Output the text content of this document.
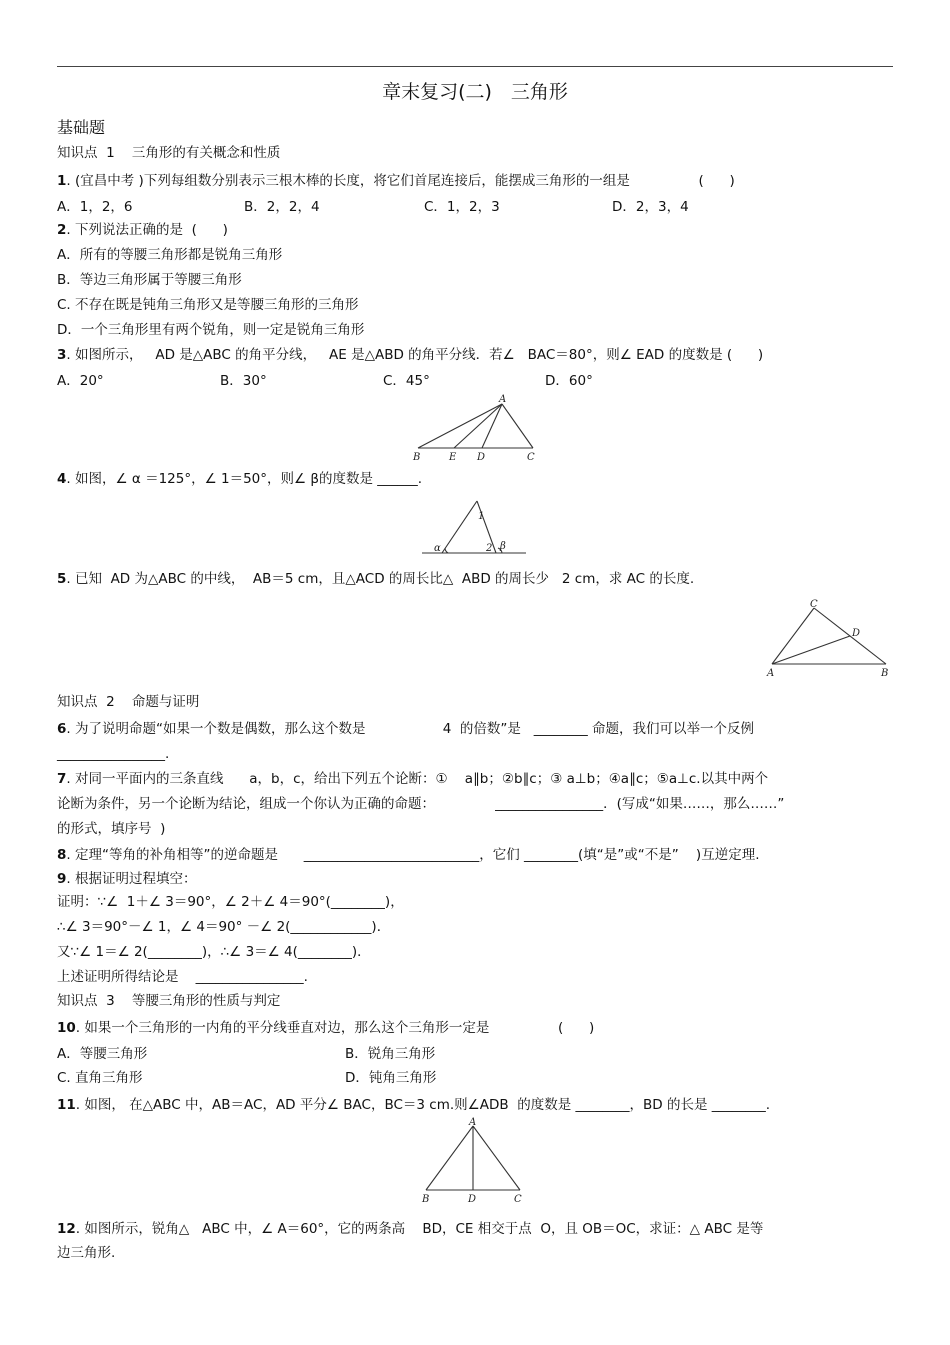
章末复习(二)　三角形
基础题
知识点  1    三角形的有关概念和性质
1. (宜昌中考 )下列每组数分别表示三根木棒的长度，将它们首尾连接后，能摆成三角形的一组是                (      )
A．1，2，6	B．2，2，4	C．1，2，3	D．2，3，4
2. 下列说法正确的是  (      )
A．所有的等腰三角形都是锐角三角形
B．等边三角形属于等腰三角形
C. 不存在既是钝角三角形又是等腰三角形的三角形
D．一个三角形里有两个锐角，则一定是锐角三角形
3. 如图所示，   AD 是△ABC 的角平分线，   AE 是△ABD 的角平分线．若∠   BAC＝80°，则∠ EAD 的度数是 (      )
A．20°	B．30°	C．45°	D．60°
A
B	E D	C
4. 如图，∠ α ＝125°，∠ 1＝50°，则∠ β的度数是 ______.
1
2
α	β
5. 已知  AD 为△ABC 的中线，  AB＝5 cm，且△ACD 的周长比△  ABD 的周长少   2 cm，求 AC 的长度.
C
D
A	B
知识点  2    命题与证明
6. 为了说明命题“如果一个数是偶数，那么这个数是                  4  的倍数”是   ________ 命题，我们可以举一个反例
________________.
7. 对同一平面内的三条直线      a，b，c，给出下列五个论断：①    a∥b；②b∥c；③ a⊥b；④a∥c；⑤a⊥c.以其中两个
论断为条件，另一个论断为结论，组成一个你认为正确的命题：              ________________．(写成“如果……，那么……”
的形式，填序号  )
8. 定理“等角的补角相等”的逆命题是      __________________________，它们 ________(填“是”或“不是”    )互逆定理.
9. 根据证明过程填空：
证明：∵∠  1＋∠ 3＝90°，∠ 2＋∠ 4＝90°(________)，
∴∠ 3＝90°－∠ 1，∠ 4＝90° －∠ 2(____________)．
又∵∠ 1＝∠ 2(________)，∴∠ 3＝∠ 4(________)．
上述证明所得结论是    ________________.
知识点  3    等腰三角形的性质与判定
10. 如果一个三角形的一内角的平分线垂直对边，那么这个三角形一定是                (      )
A．等腰三角形	B．锐角三角形
C. 直角三角形	D．钝角三角形
11. 如图， 在△ABC 中，AB＝AC，AD 平分∠ BAC，BC＝3 cm.则∠ADB  的度数是 ________，BD 的长是 ________.
A
B	D	C
12. 如图所示，锐角△   ABC 中，∠ A＝60°，它的两条高    BD，CE 相交于点  O，且 OB＝OC，求证：△ ABC 是等
边三角形.
